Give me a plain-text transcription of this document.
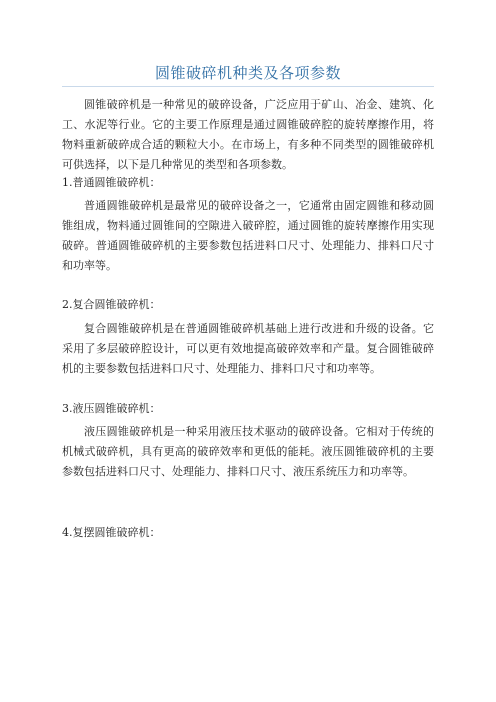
圆锥破碎机种类及各项参数

圆锥破碎机是一种常见的破碎设备，广泛应用于矿山、冶金、建筑、化工、水泥等行业。它的主要工作原理是通过圆锥破碎腔的旋转摩擦作用，将物料重新破碎成合适的颗粒大小。在市场上，有多种不同类型的圆锥破碎机可供选择，以下是几种常见的类型和各项参数。

1.普通圆锥破碎机：

普通圆锥破碎机是最常见的破碎设备之一，它通常由固定圆锥和移动圆锥组成，物料通过圆锥间的空隙进入破碎腔，通过圆锥的旋转摩擦作用实现破碎。普通圆锥破碎机的主要参数包括进料口尺寸、处理能力、排料口尺寸和功率等。

2.复合圆锥破碎机：

复合圆锥破碎机是在普通圆锥破碎机基础上进行改进和升级的设备。它采用了多层破碎腔设计，可以更有效地提高破碎效率和产量。复合圆锥破碎机的主要参数包括进料口尺寸、处理能力、排料口尺寸和功率等。

3.液压圆锥破碎机：

液压圆锥破碎机是一种采用液压技术驱动的破碎设备。它相对于传统的机械式破碎机，具有更高的破碎效率和更低的能耗。液压圆锥破碎机的主要参数包括进料口尺寸、处理能力、排料口尺寸、液压系统压力和功率等。

4.复摆圆锥破碎机：
